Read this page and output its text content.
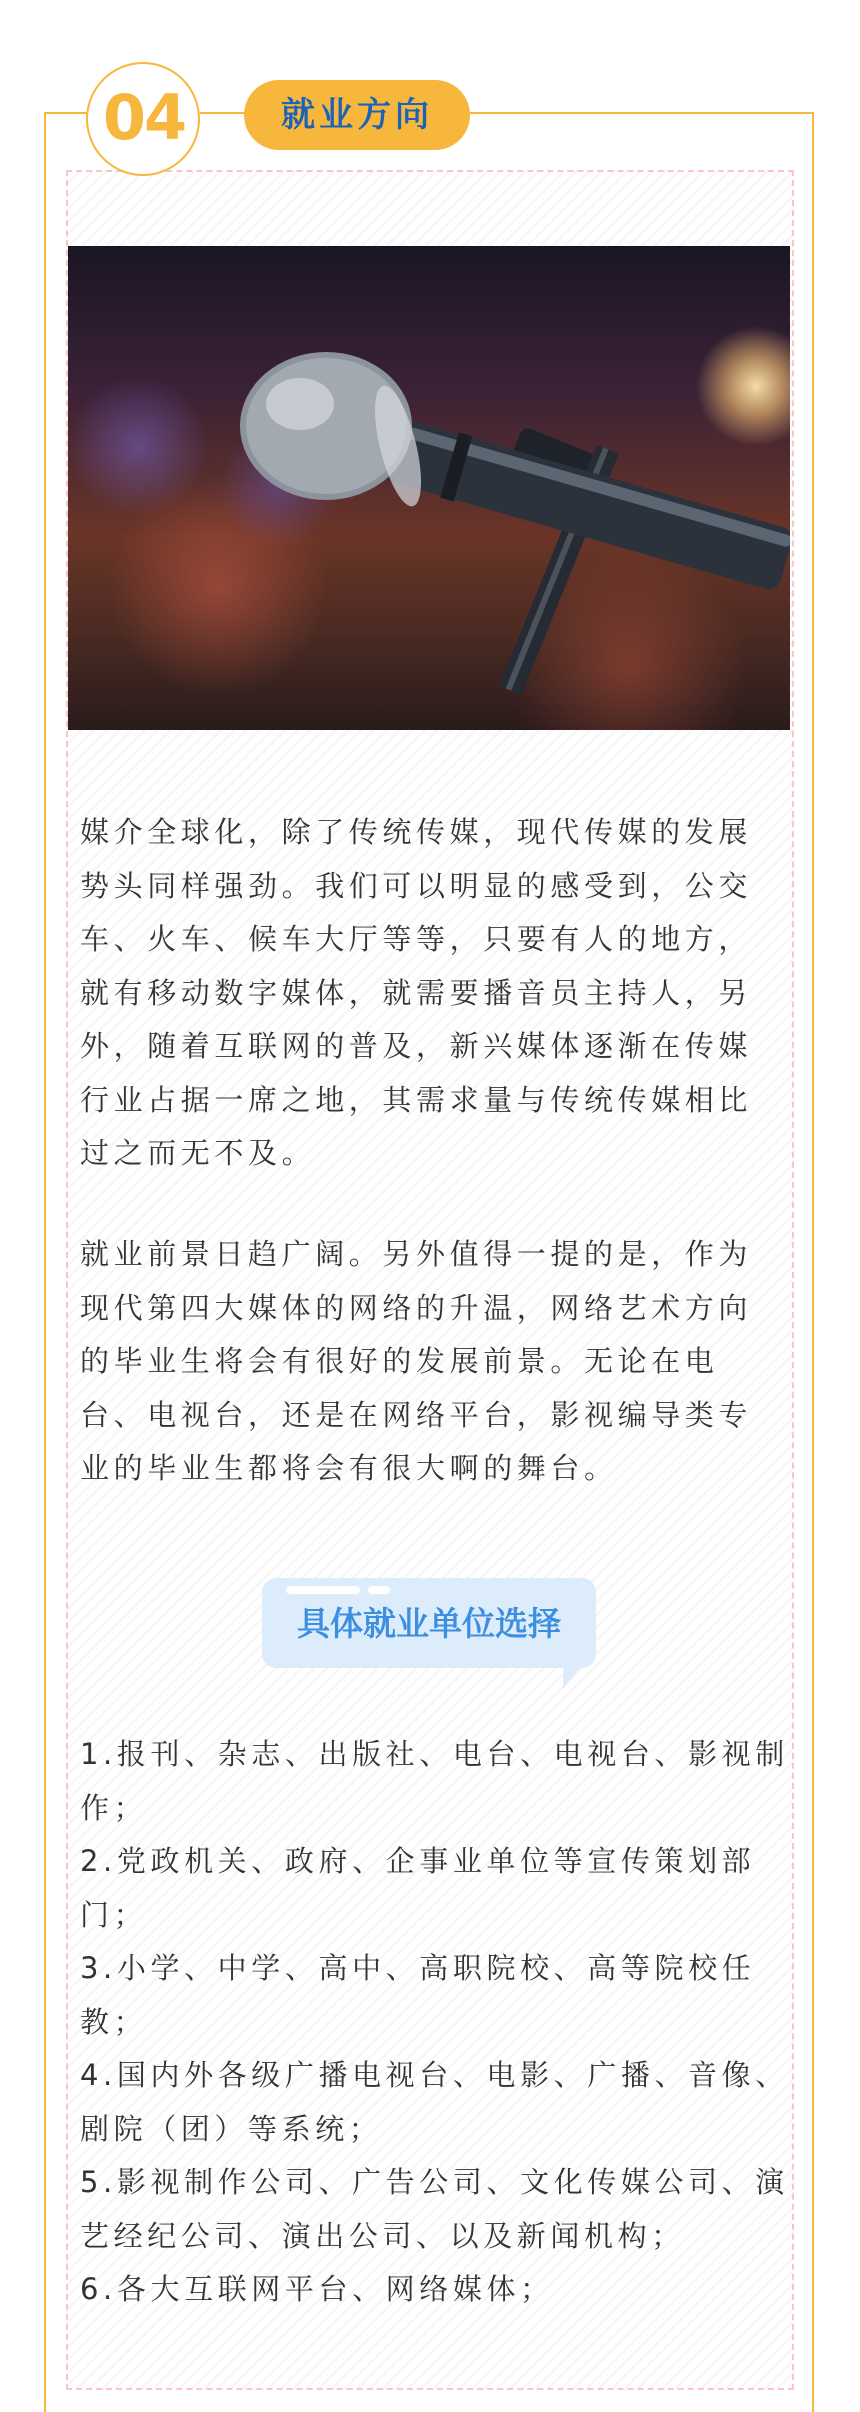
04	就业方向

媒介全球化，除了传统传媒，现代传媒的发展势头同样强劲。我们可以明显的感受到，公交车、火车、候车大厅等等，只要有人的地方，就有移动数字媒体，就需要播音员主持人，另外，随着互联网的普及，新兴媒体逐渐在传媒行业占据一席之地，其需求量与传统传媒相比过之而无不及。

就业前景日趋广阔。另外值得一提的是，作为现代第四大媒体的网络的升温，网络艺术方向的毕业生将会有很好的发展前景。无论在电台、电视台，还是在网络平台，影视编导类专业的毕业生都将会有很大啊的舞台。

具体就业单位选择
1.报刊、杂志、出版社、电台、电视台、影视制作；
2.党政机关、政府、企事业单位等宣传策划部门；
3.小学、中学、高中、高职院校、高等院校任教；
4.国内外各级广播电视台、电影、广播、音像、剧院（团）等系统；
5.影视制作公司、广告公司、文化传媒公司、演艺经纪公司、演出公司、以及新闻机构；
6.各大互联网平台、网络媒体；
